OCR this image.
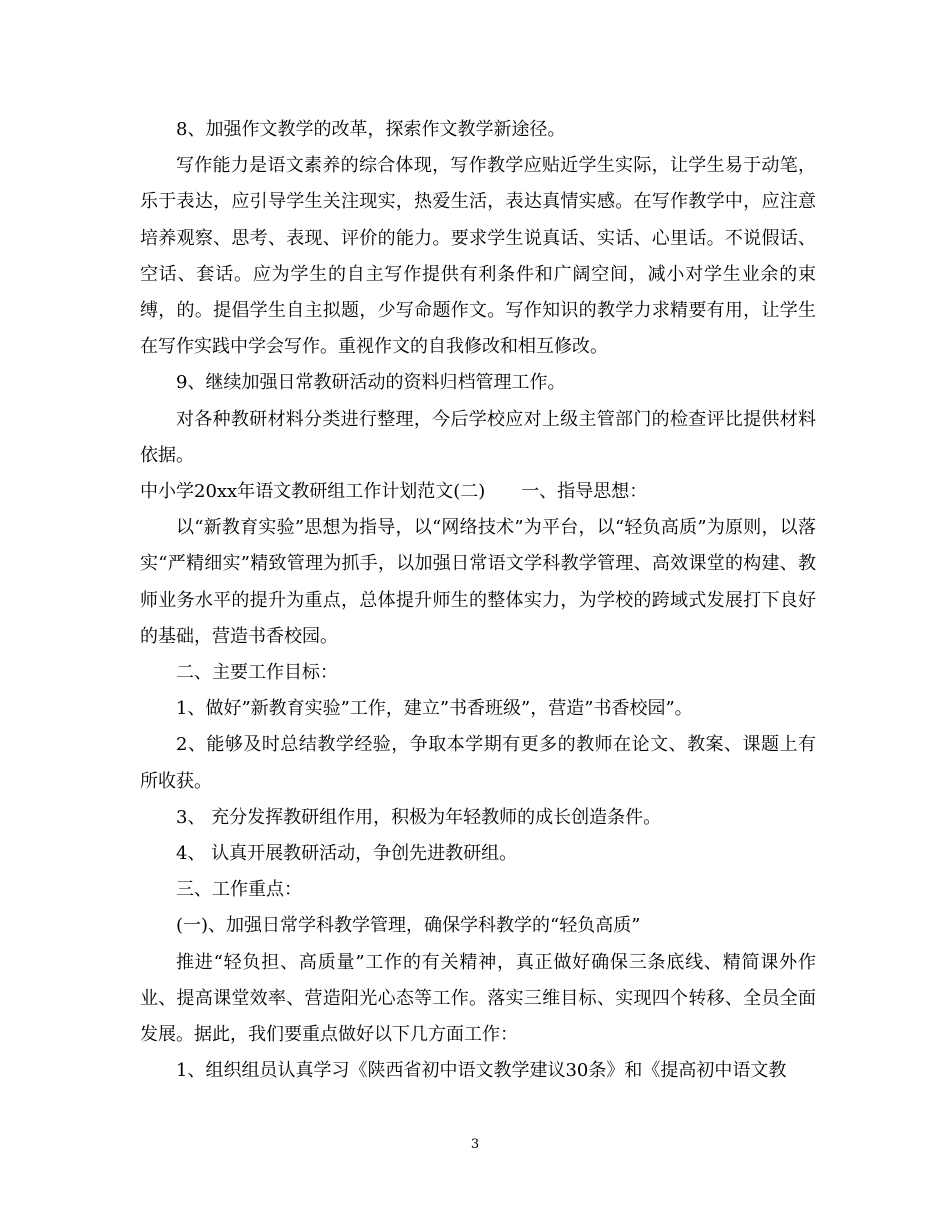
8、加强作文教学的改革，探索作文教学新途径。

写作能力是语文素养的综合体现，写作教学应贴近学生实际，让学生易于动笔，乐于表达，应引导学生关注现实，热爱生活，表达真情实感。在写作教学中，应注意培养观察、思考、表现、评价的能力。要求学生说真话、实话、心里话。不说假话、空话、套话。应为学生的自主写作提供有利条件和广阔空间，减小对学生业余的束缚，的。提倡学生自主拟题，少写命题作文。写作知识的教学力求精要有用，让学生在写作实践中学会写作。重视作文的自我修改和相互修改。

9、继续加强日常教研活动的资料归档管理工作。

对各种教研材料分类进行整理，今后学校应对上级主管部门的检查评比提供材料依据。

中小学20xx年语文教研组工作计划范文(二)　　一、指导思想：

以“新教育实验”思想为指导，以“网络技术”为平台，以“轻负高质”为原则，以落实“严精细实”精致管理为抓手，以加强日常语文学科教学管理、高效课堂的构建、教师业务水平的提升为重点，总体提升师生的整体实力，为学校的跨域式发展打下良好的基础，营造书香校园。

二、主要工作目标：

1、做好”新教育实验”工作，建立”书香班级”，营造”书香校园”。

2、能够及时总结教学经验，争取本学期有更多的教师在论文、教案、课题上有所收获。

3、 充分发挥教研组作用，积极为年轻教师的成长创造条件。

4、 认真开展教研活动，争创先进教研组。

三、工作重点：

(一)、加强日常学科教学管理，确保学科教学的“轻负高质”

推进“轻负担、高质量”工作的有关精神，真正做好确保三条底线、精简课外作业、提高课堂效率、营造阳光心态等工作。落实三维目标、实现四个转移、全员全面发展。据此，我们要重点做好以下几方面工作：

1、组织组员认真学习《陕西省初中语文教学建议30条》和《提高初中语文教

3
